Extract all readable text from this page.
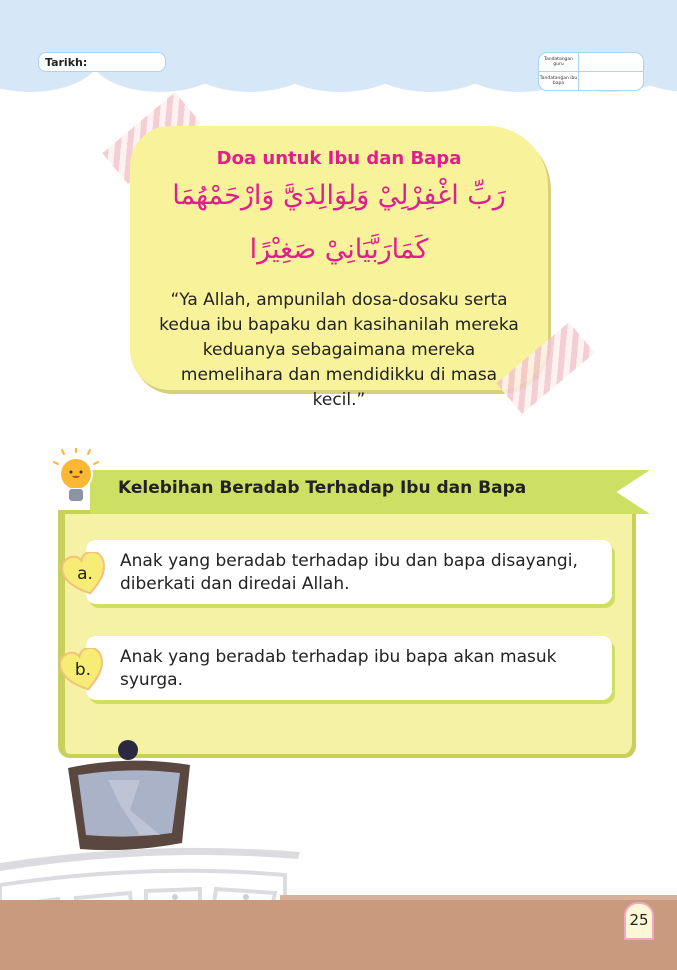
Tarikh:	Tandatangan guru
Tandatangan ibu bapa
Doa untuk Ibu dan Bapa
رَبِّ اغْفِرْلِيْ وَلِوَالِدَيَّ وَارْحَمْهُمَا
كَمَارَبَّيَانِيْ صَغِيْرًا
“Ya Allah, ampunilah dosa-dosaku serta kedua ibu bapaku dan kasihanilah mereka keduanya sebagaimana mereka memelihara dan mendidikku di masa kecil.”
Kelebihan Beradab Terhadap Ibu dan Bapa
Anak yang beradab terhadap ibu dan bapa disayangi, diberkati dan diredai Allah.
a.
Anak yang beradab terhadap ibu bapa akan masuk syurga.
b.
25
